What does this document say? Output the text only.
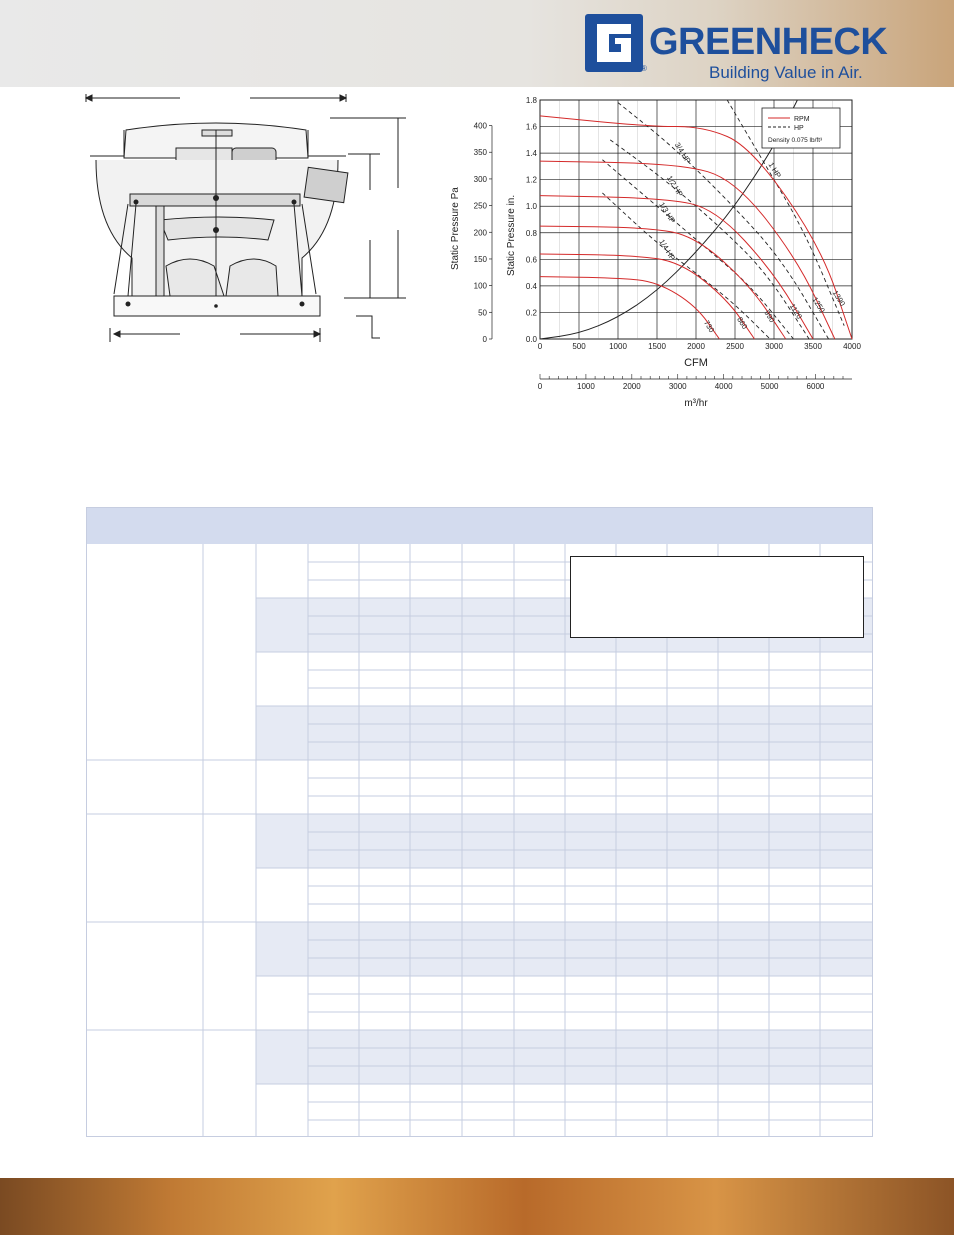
®
GREENHECK
Building Value in Air.
1/4 HP
1/3 HP
1/2 HP
3/4 HP
1 HP
730	860 990 1120 1250 1390
0	500	1000	1500	2000	2500	3000	3500	4000
0.0
0.2
0.4
0.6
0.8
1.0
1.2
1.4
1.6
1.8
0
50
100
150
200
250
300
350
400
0	1000	2000	3000	4000	5000	6000
Static Pressure Pa	Static Pressure in.
CFM
m³/hr
RPM
HP
Density 0.075 lb/ft³
